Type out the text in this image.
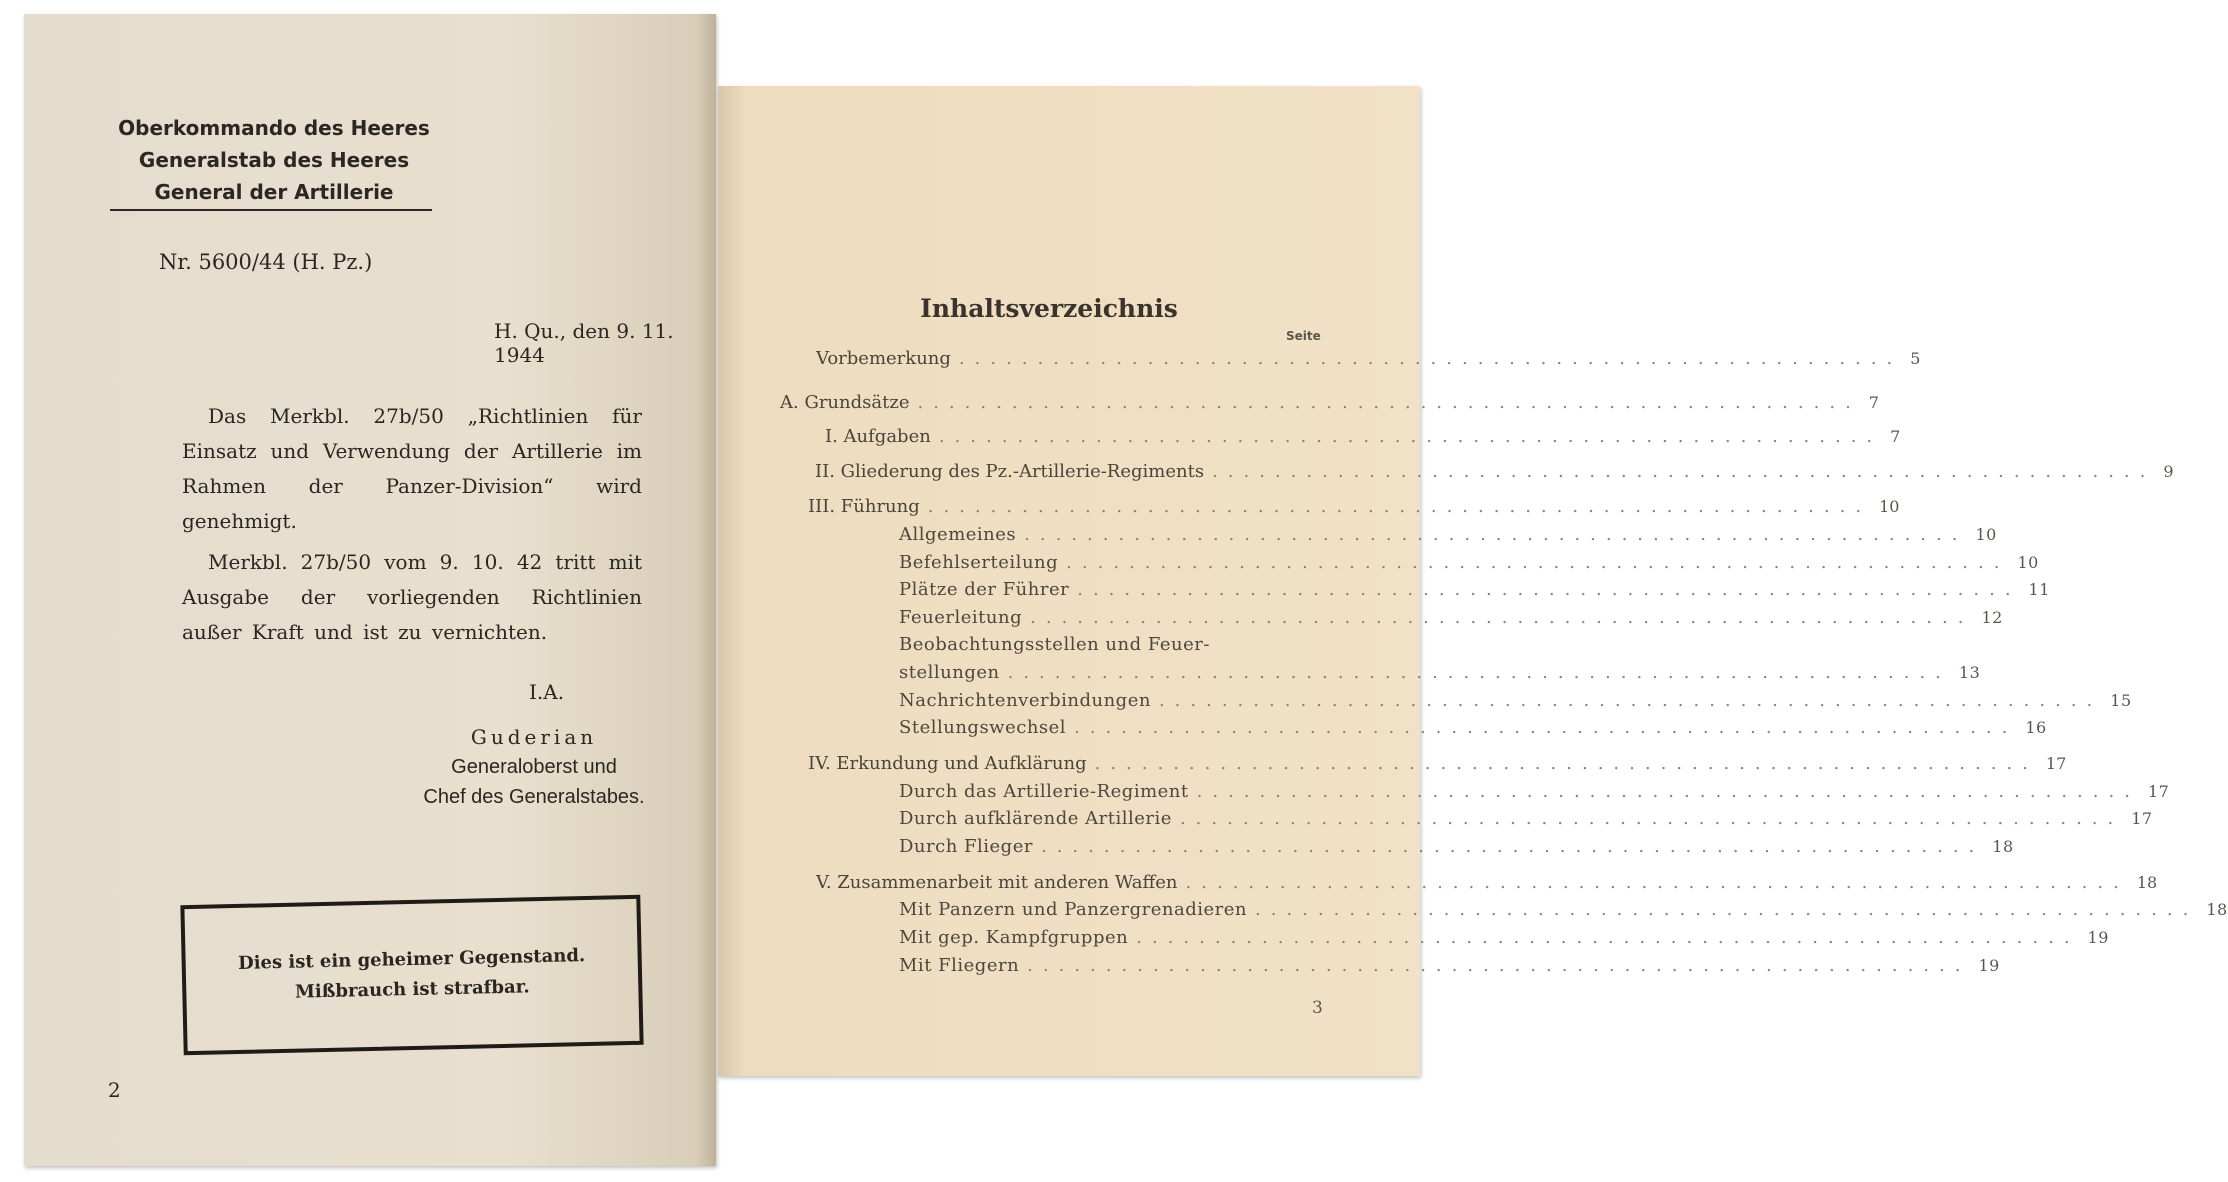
Oberkommando des Heeres
Generalstab des Heeres
General der Artillerie
Nr. 5600/44 (H. Pz.)
H. Qu., den 9. 11. 1944

Das Merkbl. 27b/50 „Richtlinien für Einsatz und Verwendung der Artillerie im Rahmen der Panzer-Division“ wird genehmigt.

Merkbl. 27b/50 vom 9. 10. 42 tritt mit Ausgabe der vorliegenden Richtlinien außer Kraft und ist zu vernichten.

I.A.
Guderian
Generaloberst und
Chef des Generalstabes.
Dies ist ein geheimer Gegenstand.
Mißbrauch ist strafbar.
2
Inhaltsverzeichnis
Seite
Vorbemerkung ............................................................ 5
A. Grundsätze ............................................................ 7
I. Aufgaben ............................................................ 7
II. Gliederung des Pz.-Artillerie-Regiments ............................................................ 9
III. Führung ............................................................ 10
Allgemeines ............................................................ 10
Befehlserteilung ............................................................ 10
Plätze der Führer ............................................................ 11
Feuerleitung ............................................................ 12
Beobachtungsstellen und Feuer-
stellungen ............................................................ 13
Nachrichtenverbindungen ............................................................ 15
Stellungswechsel ............................................................ 16
IV. Erkundung und Aufklärung ............................................................ 17
Durch das Artillerie-Regiment ............................................................ 17
Durch aufklärende Artillerie ............................................................ 17
Durch Flieger ............................................................ 18
V. Zusammenarbeit mit anderen Waffen ............................................................ 18
Mit Panzern und Panzergrenadieren ............................................................ 18
Mit gep. Kampfgruppen ............................................................ 19
Mit Fliegern ............................................................ 19
3
